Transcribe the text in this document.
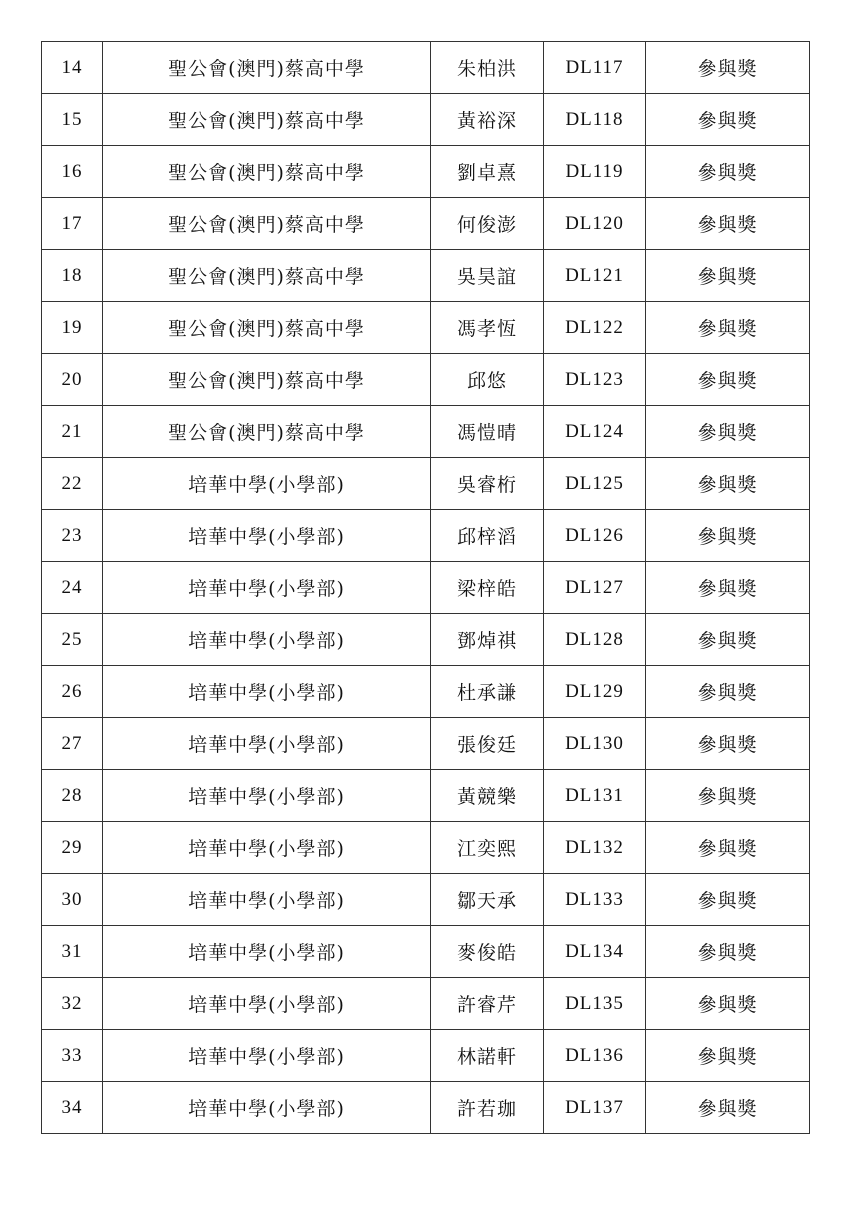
14	聖公會(澳門)蔡高中學	朱柏洪	DL117	參與獎
15	聖公會(澳門)蔡高中學	黃裕深	DL118	參與獎
16	聖公會(澳門)蔡高中學	劉卓熹	DL119	參與獎
17	聖公會(澳門)蔡高中學	何俊澎	DL120	參與獎
18	聖公會(澳門)蔡高中學	吳昊誼	DL121	參與獎
19	聖公會(澳門)蔡高中學	馮孝恆	DL122	參與獎
20	聖公會(澳門)蔡高中學	邱悠	DL123	參與獎
21	聖公會(澳門)蔡高中學	馮愷晴	DL124	參與獎
22	培華中學(小學部)	吳睿桁	DL125	參與獎
23	培華中學(小學部)	邱梓滔	DL126	參與獎
24	培華中學(小學部)	梁梓皓	DL127	參與獎
25	培華中學(小學部)	鄧焯祺	DL128	參與獎
26	培華中學(小學部)	杜承謙	DL129	參與獎
27	培華中學(小學部)	張俊廷	DL130	參與獎
28	培華中學(小學部)	黃競樂	DL131	參與獎
29	培華中學(小學部)	江奕熙	DL132	參與獎
30	培華中學(小學部)	鄒天承	DL133	參與獎
31	培華中學(小學部)	麥俊皓	DL134	參與獎
32	培華中學(小學部)	許睿芹	DL135	參與獎
33	培華中學(小學部)	林諾軒	DL136	參與獎
34	培華中學(小學部)	許若珈	DL137	參與獎
